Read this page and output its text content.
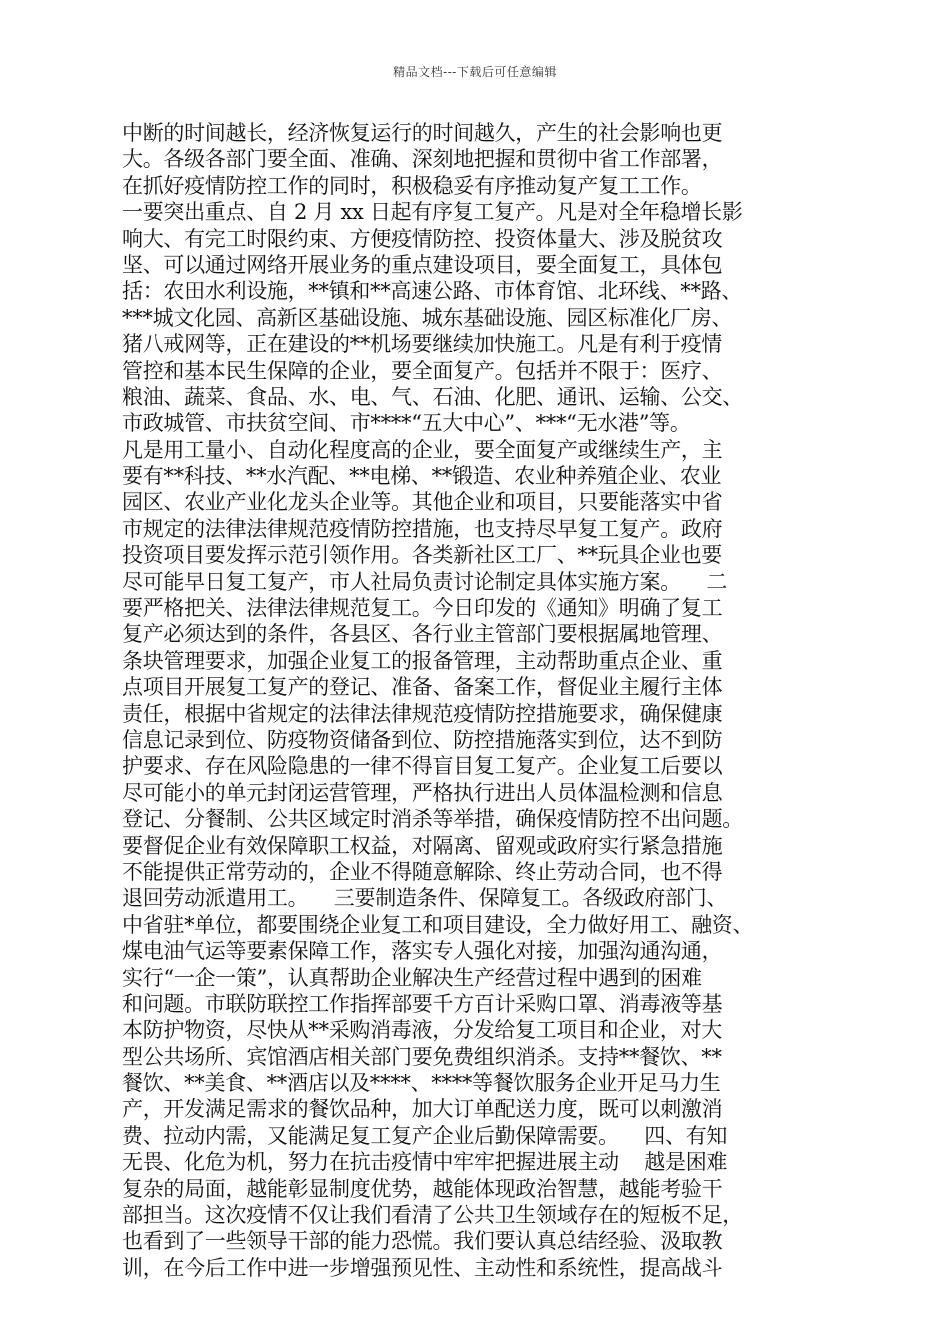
精品文档---下载后可任意编辑
中断的时间越长，经济恢复运行的时间越久，产生的社会影响也更
大。各级各部门要全面、准确、深刻地把握和贯彻中省工作部署，
在抓好疫情防控工作的同时，积极稳妥有序推动复产复工工作。
一要突出重点、自 2 月 xx 日起有序复工复产。凡是对全年稳增长影
响大、有完工时限约束、方便疫情防控、投资体量大、涉及脱贫攻
坚、可以通过网络开展业务的重点建设项目，要全面复工，具体包
括：农田水利设施，**镇和**高速公路、市体育馆、北环线、**路、
***城文化园、高新区基础设施、城东基础设施、园区标准化厂房、
猪八戒网等，正在建设的**机场要继续加快施工。凡是有利于疫情
管控和基本民生保障的企业，要全面复产。包括并不限于：医疗、
粮油、蔬菜、食品、水、电、气、石油、化肥、通讯、运输、公交、
市政城管、市扶贫空间、市****“五大中心”、***“无水港”等。
凡是用工量小、自动化程度高的企业，要全面复产或继续生产，主
要有**科技、**水汽配、**电梯、**锻造、农业种养殖企业、农业
园区、农业产业化龙头企业等。其他企业和项目，只要能落实中省
市规定的法律法律规范疫情防控措施，也支持尽早复工复产。政府
投资项目要发挥示范引领作用。各类新社区工厂、**玩具企业也要
尽可能早日复工复产，市人社局负责讨论制定具体实施方案。    二
要严格把关、法律法律规范复工。今日印发的《通知》明确了复工
复产必须达到的条件，各县区、各行业主管部门要根据属地管理、
条块管理要求，加强企业复工的报备管理，主动帮助重点企业、重
点项目开展复工复产的登记、准备、备案工作，督促业主履行主体
责任，根据中省规定的法律法律规范疫情防控措施要求，确保健康
信息记录到位、防疫物资储备到位、防控措施落实到位，达不到防
护要求、存在风险隐患的一律不得盲目复工复产。企业复工后要以
尽可能小的单元封闭运营管理，严格执行进出人员体温检测和信息
登记、分餐制、公共区域定时消杀等举措，确保疫情防控不出问题。
要督促企业有效保障职工权益，对隔离、留观或政府实行紧急措施
不能提供正常劳动的，企业不得随意解除、终止劳动合同，也不得
退回劳动派遣用工。    三要制造条件、保障复工。各级政府部门、
中省驻*单位，都要围绕企业复工和项目建设，全力做好用工、融资、
煤电油气运等要素保障工作，落实专人强化对接，加强沟通沟通，
实行“一企一策”，认真帮助企业解决生产经营过程中遇到的困难
和问题。市联防联控工作指挥部要千方百计采购口罩、消毒液等基
本防护物资，尽快从**采购消毒液，分发给复工项目和企业，对大
型公共场所、宾馆酒店相关部门要免费组织消杀。支持**餐饮、**
餐饮、**美食、**酒店以及****、****等餐饮服务企业开足马力生
产，开发满足需求的餐饮品种，加大订单配送力度，既可以刺激消
费、拉动内需，又能满足复工复产企业后勤保障需要。    四、有知
无畏、化危为机，努力在抗击疫情中牢牢把握进展主动    越是困难
复杂的局面，越能彰显制度优势，越能体现政治智慧，越能考验干
部担当。这次疫情不仅让我们看清了公共卫生领域存在的短板不足，
也看到了一些领导干部的能力恐慌。我们要认真总结经验、汲取教
训，在今后工作中进一步增强预见性、主动性和系统性，提高战斗
